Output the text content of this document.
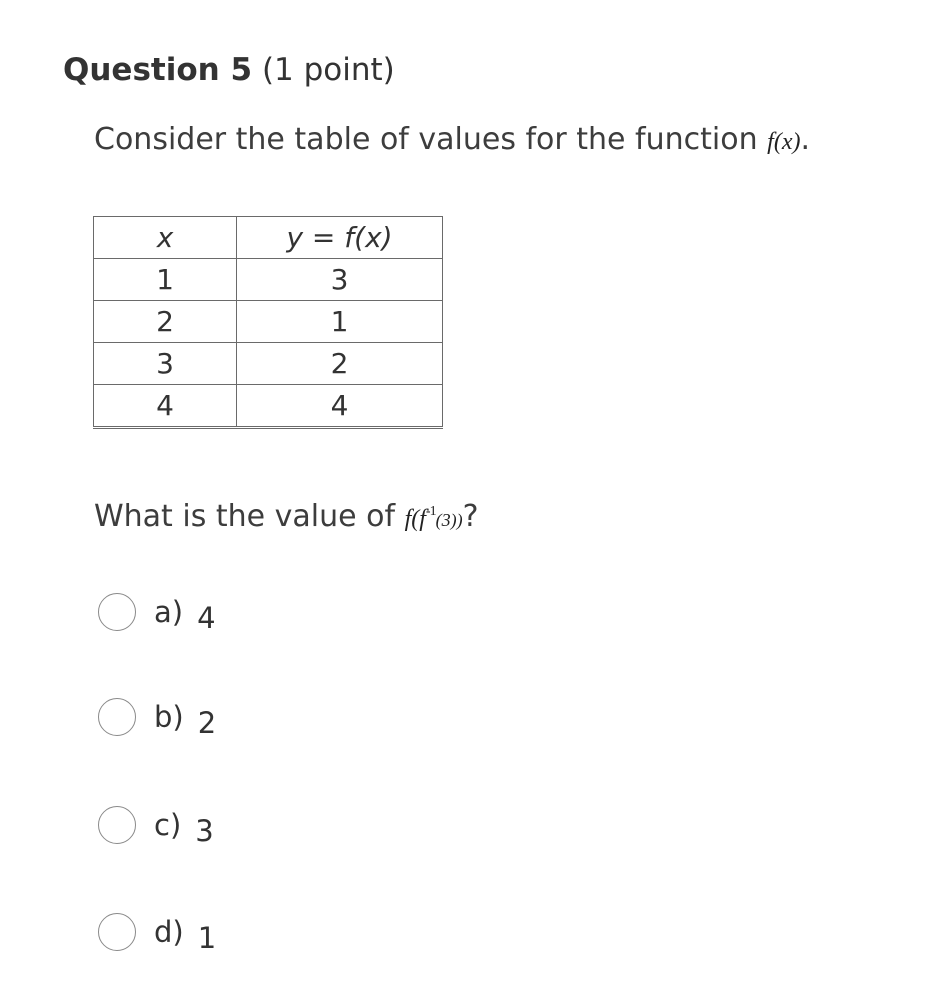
Question 5 (1 point)
Consider the table of values for the function f(x).
x	y = f(x)
1	3
2	1
3	2
4	4
What is the value of $f(f^{-1}(3))$?
a) 4
b) 2
c) 3
d) 1
